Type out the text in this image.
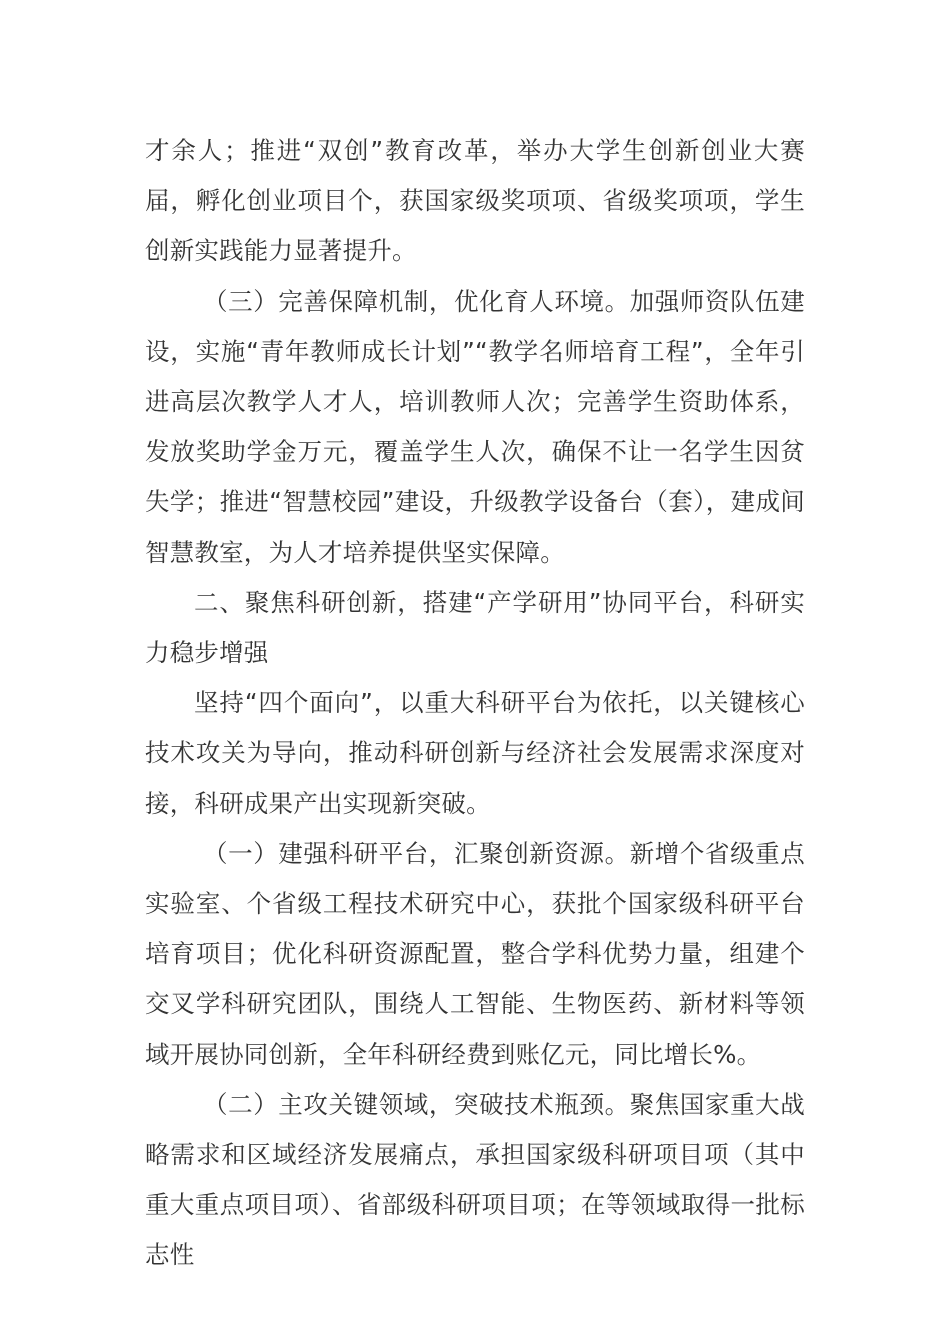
才余人；推进“双创”教育改革，举办大学生创新创业大赛届，孵化创业项目个，获国家级奖项项、省级奖项项，学生创新实践能力显著提升。

（三）完善保障机制，优化育人环境。加强师资队伍建设，实施“青年教师成长计划”“教学名师培育工程”，全年引进高层次教学人才人，培训教师人次；完善学生资助体系，发放奖助学金万元，覆盖学生人次，确保不让一名学生因贫失学；推进“智慧校园”建设，升级教学设备台（套），建成间智慧教室，为人才培养提供坚实保障。

二、聚焦科研创新，搭建“产学研用”协同平台，科研实力稳步增强

坚持“四个面向”，以重大科研平台为依托，以关键核心技术攻关为导向，推动科研创新与经济社会发展需求深度对接，科研成果产出实现新突破。

（一）建强科研平台，汇聚创新资源。新增个省级重点实验室、个省级工程技术研究中心，获批个国家级科研平台培育项目；优化科研资源配置，整合学科优势力量，组建个交叉学科研究团队，围绕人工智能、生物医药、新材料等领域开展协同创新，全年科研经费到账亿元，同比增长%。

（二）主攻关键领域，突破技术瓶颈。聚焦国家重大战略需求和区域经济发展痛点，承担国家级科研项目项（其中重大重点项目项）、省部级科研项目项；在等领域取得一批标志性
